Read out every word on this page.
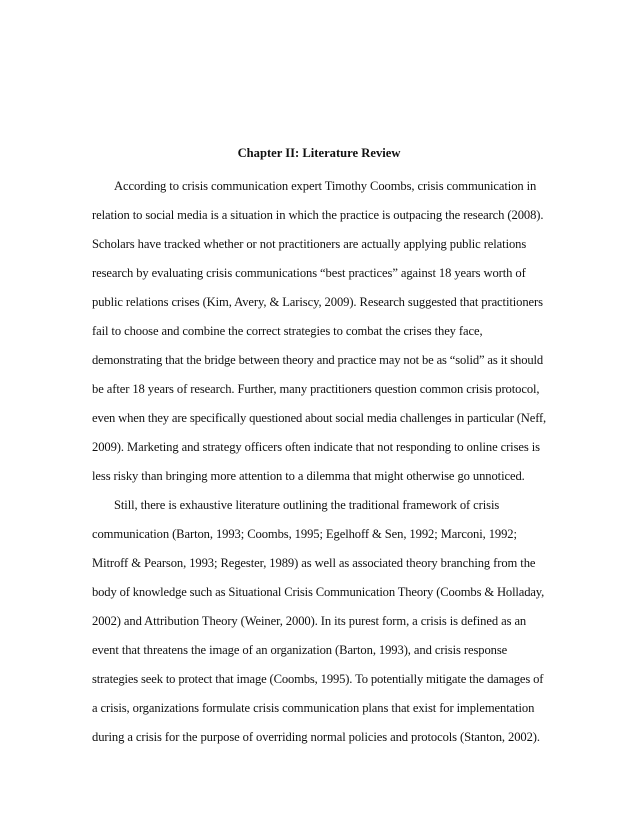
Chapter II: Literature Review
According to crisis communication expert Timothy Coombs, crisis communication in
relation to social media is a situation in which the practice is outpacing the research (2008).
Scholars have tracked whether or not practitioners are actually applying public relations
research by evaluating crisis communications “best practices” against 18 years worth of
public relations crises (Kim, Avery, & Lariscy, 2009). Research suggested that practitioners
fail to choose and combine the correct strategies to combat the crises they face,
demonstrating that the bridge between theory and practice may not be as “solid” as it should
be after 18 years of research. Further, many practitioners question common crisis protocol,
even when they are specifically questioned about social media challenges in particular (Neff,
2009). Marketing and strategy officers often indicate that not responding to online crises is
less risky than bringing more attention to a dilemma that might otherwise go unnoticed.
Still, there is exhaustive literature outlining the traditional framework of crisis
communication (Barton, 1993; Coombs, 1995; Egelhoff & Sen, 1992; Marconi, 1992;
Mitroff & Pearson, 1993; Regester, 1989) as well as associated theory branching from the
body of knowledge such as Situational Crisis Communication Theory (Coombs & Holladay,
2002) and Attribution Theory (Weiner, 2000). In its purest form, a crisis is defined as an
event that threatens the image of an organization (Barton, 1993), and crisis response
strategies seek to protect that image (Coombs, 1995). To potentially mitigate the damages of
a crisis, organizations formulate crisis communication plans that exist for implementation
during a crisis for the purpose of overriding normal policies and protocols (Stanton, 2002).
